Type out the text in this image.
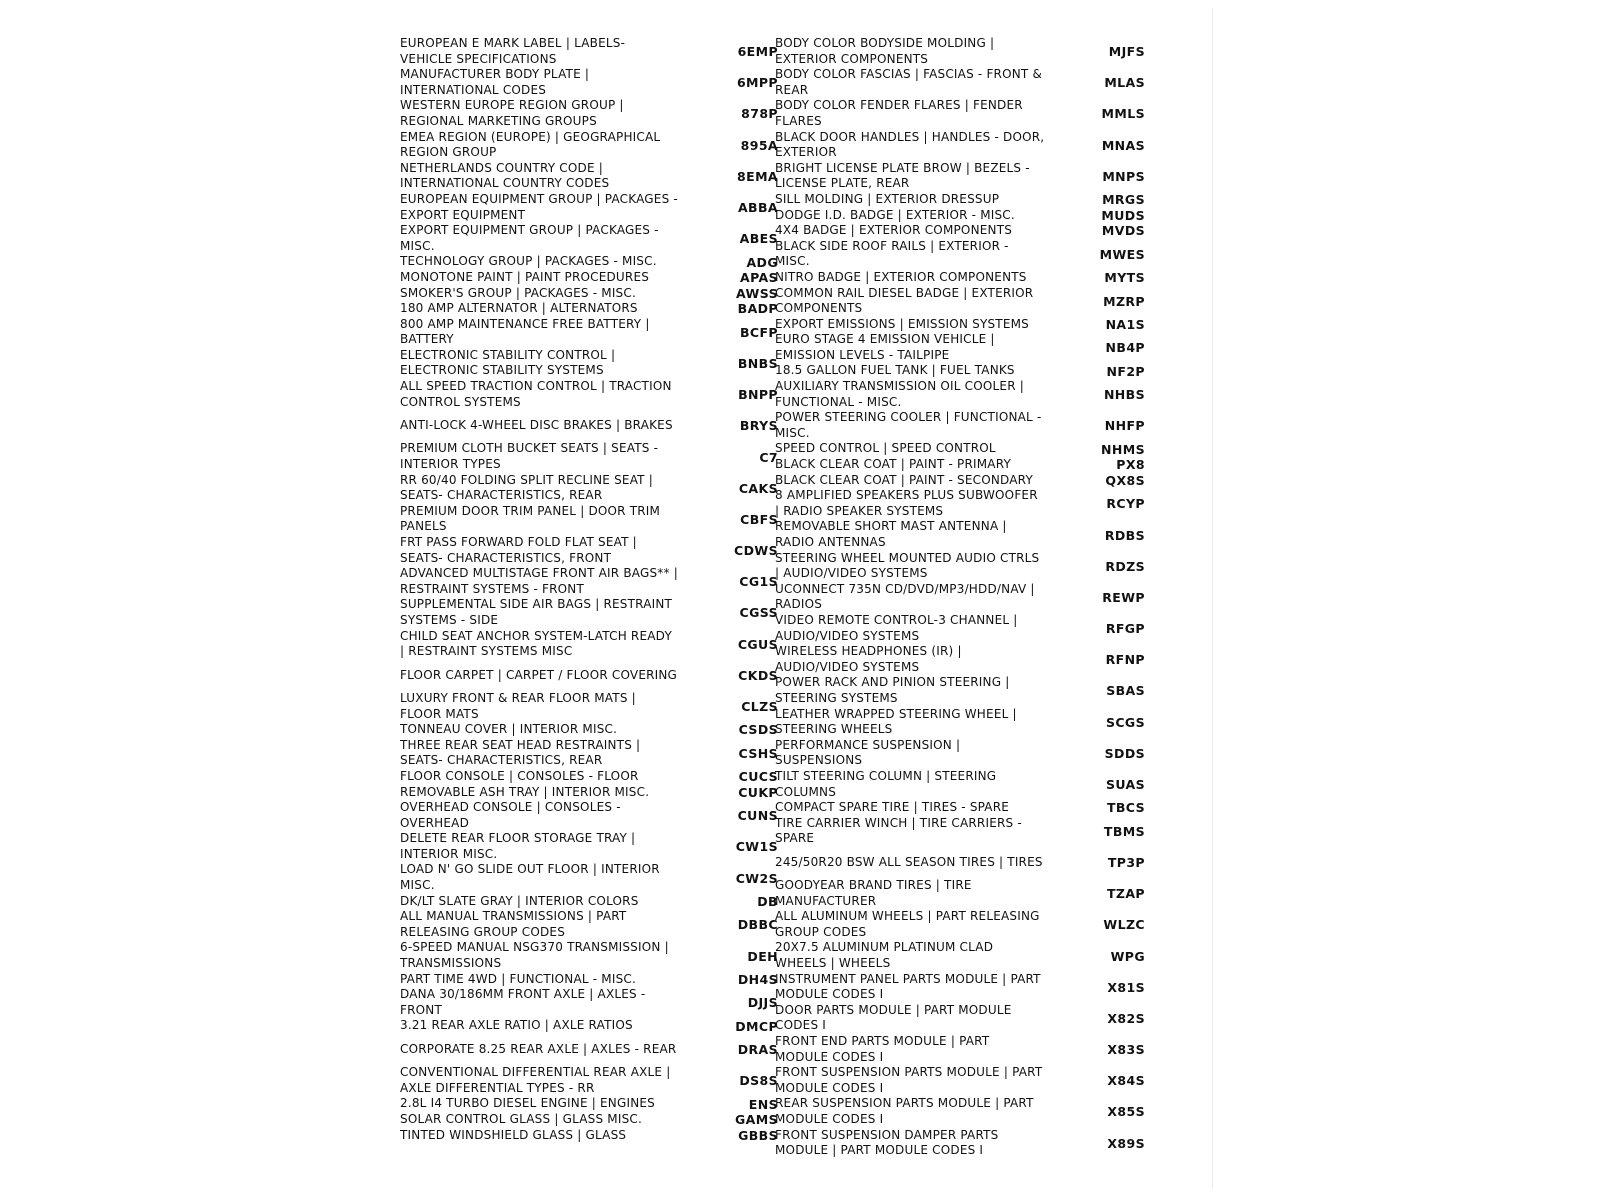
EUROPEAN E MARK LABEL | LABELS- VEHICLE SPECIFICATIONS	6EMP
MANUFACTURER BODY PLATE | INTERNATIONAL CODES	6MPP
WESTERN EUROPE REGION GROUP | REGIONAL MARKETING GROUPS	878P
EMEA REGION (EUROPE) | GEOGRAPHICAL REGION GROUP	895A
NETHERLANDS COUNTRY CODE | INTERNATIONAL COUNTRY CODES	8EMA
EUROPEAN EQUIPMENT GROUP | PACKAGES - EXPORT EQUIPMENT	ABBA
EXPORT EQUIPMENT GROUP | PACKAGES - MISC.	ABES
TECHNOLOGY GROUP | PACKAGES - MISC.	ADG
MONOTONE PAINT | PAINT PROCEDURES	APAS
SMOKER'S GROUP | PACKAGES - MISC.	AWSS
180 AMP ALTERNATOR | ALTERNATORS	BADP
800 AMP MAINTENANCE FREE BATTERY | BATTERY	BCFP
ELECTRONIC STABILITY CONTROL | ELECTRONIC STABILITY SYSTEMS	BNBS
ALL SPEED TRACTION CONTROL | TRACTION CONTROL SYSTEMS	BNPP
ANTI-LOCK 4-WHEEL DISC BRAKES | BRAKES	BRYS
PREMIUM CLOTH BUCKET SEATS | SEATS - INTERIOR TYPES	C7
RR 60/40 FOLDING SPLIT RECLINE SEAT | SEATS- CHARACTERISTICS, REAR	CAKS
PREMIUM DOOR TRIM PANEL | DOOR TRIM PANELS	CBFS
FRT PASS FORWARD FOLD FLAT SEAT | SEATS- CHARACTERISTICS, FRONT	CDWS
ADVANCED MULTISTAGE FRONT AIR BAGS** | RESTRAINT SYSTEMS - FRONT	CG1S
SUPPLEMENTAL SIDE AIR BAGS | RESTRAINT SYSTEMS - SIDE	CGSS
CHILD SEAT ANCHOR SYSTEM-LATCH READY | RESTRAINT SYSTEMS MISC	CGUS
FLOOR CARPET | CARPET / FLOOR COVERING	CKDS
LUXURY FRONT & REAR FLOOR MATS | FLOOR MATS	CLZS
TONNEAU COVER | INTERIOR MISC.	CSDS
THREE REAR SEAT HEAD RESTRAINTS | SEATS- CHARACTERISTICS, REAR	CSHS
FLOOR CONSOLE | CONSOLES - FLOOR	CUCS
REMOVABLE ASH TRAY | INTERIOR MISC.	CUKP
OVERHEAD CONSOLE | CONSOLES - OVERHEAD	CUNS
DELETE REAR FLOOR STORAGE TRAY | INTERIOR MISC.	CW1S
LOAD N' GO SLIDE OUT FLOOR | INTERIOR MISC.	CW2S
DK/LT SLATE GRAY | INTERIOR COLORS	DB
ALL MANUAL TRANSMISSIONS | PART RELEASING GROUP CODES	DBBC
6-SPEED MANUAL NSG370 TRANSMISSION | TRANSMISSIONS	DEH
PART TIME 4WD | FUNCTIONAL - MISC.	DH4S
DANA 30/186MM FRONT AXLE | AXLES - FRONT	DJJS
3.21 REAR AXLE RATIO | AXLE RATIOS	DMCP
CORPORATE 8.25 REAR AXLE | AXLES - REAR	DRAS
CONVENTIONAL DIFFERENTIAL REAR AXLE | AXLE DIFFERENTIAL TYPES - RR	DS8S
2.8L I4 TURBO DIESEL ENGINE | ENGINES	ENS
SOLAR CONTROL GLASS | GLASS MISC.	GAMS
TINTED WINDSHIELD GLASS | GLASS	GBBS
BODY COLOR BODYSIDE MOLDING | EXTERIOR COMPONENTS	MJFS
BODY COLOR FASCIAS | FASCIAS - FRONT & REAR	MLAS
BODY COLOR FENDER FLARES | FENDER FLARES	MMLS
BLACK DOOR HANDLES | HANDLES - DOOR, EXTERIOR	MNAS
BRIGHT LICENSE PLATE BROW | BEZELS - LICENSE PLATE, REAR	MNPS
SILL MOLDING | EXTERIOR DRESSUP	MRGS
DODGE I.D. BADGE | EXTERIOR - MISC.	MUDS
4X4 BADGE | EXTERIOR COMPONENTS	MVDS
BLACK SIDE ROOF RAILS | EXTERIOR - MISC.	MWES
NITRO BADGE | EXTERIOR COMPONENTS	MYTS
COMMON RAIL DIESEL BADGE | EXTERIOR COMPONENTS	MZRP
EXPORT EMISSIONS | EMISSION SYSTEMS	NA1S
EURO STAGE 4 EMISSION VEHICLE | EMISSION LEVELS - TAILPIPE	NB4P
18.5 GALLON FUEL TANK | FUEL TANKS	NF2P
AUXILIARY TRANSMISSION OIL COOLER | FUNCTIONAL - MISC.	NHBS
POWER STEERING COOLER | FUNCTIONAL - MISC.	NHFP
SPEED CONTROL | SPEED CONTROL	NHMS
BLACK CLEAR COAT | PAINT - PRIMARY	PX8
BLACK CLEAR COAT | PAINT - SECONDARY	QX8S
8 AMPLIFIED SPEAKERS PLUS SUBWOOFER | RADIO SPEAKER SYSTEMS	RCYP
REMOVABLE SHORT MAST ANTENNA | RADIO ANTENNAS	RDBS
STEERING WHEEL MOUNTED AUDIO CTRLS | AUDIO/VIDEO SYSTEMS	RDZS
UCONNECT 735N CD/DVD/MP3/HDD/NAV | RADIOS	REWP
VIDEO REMOTE CONTROL-3 CHANNEL | AUDIO/VIDEO SYSTEMS	RFGP
WIRELESS HEADPHONES (IR) | AUDIO/VIDEO SYSTEMS	RFNP
POWER RACK AND PINION STEERING | STEERING SYSTEMS	SBAS
LEATHER WRAPPED STEERING WHEEL | STEERING WHEELS	SCGS
PERFORMANCE SUSPENSION | SUSPENSIONS	SDDS
TILT STEERING COLUMN | STEERING COLUMNS	SUAS
COMPACT SPARE TIRE | TIRES - SPARE	TBCS
TIRE CARRIER WINCH | TIRE CARRIERS - SPARE	TBMS
245/50R20 BSW ALL SEASON TIRES | TIRES	TP3P
GOODYEAR BRAND TIRES | TIRE MANUFACTURER	TZAP
ALL ALUMINUM WHEELS | PART RELEASING GROUP CODES	WLZC
20X7.5 ALUMINUM PLATINUM CLAD WHEELS | WHEELS	WPG
INSTRUMENT PANEL PARTS MODULE | PART MODULE CODES I	X81S
DOOR PARTS MODULE | PART MODULE CODES I	X82S
FRONT END PARTS MODULE | PART MODULE CODES I	X83S
FRONT SUSPENSION PARTS MODULE | PART MODULE CODES I	X84S
REAR SUSPENSION PARTS MODULE | PART MODULE CODES I	X85S
FRONT SUSPENSION DAMPER PARTS MODULE | PART MODULE CODES I	X89S
